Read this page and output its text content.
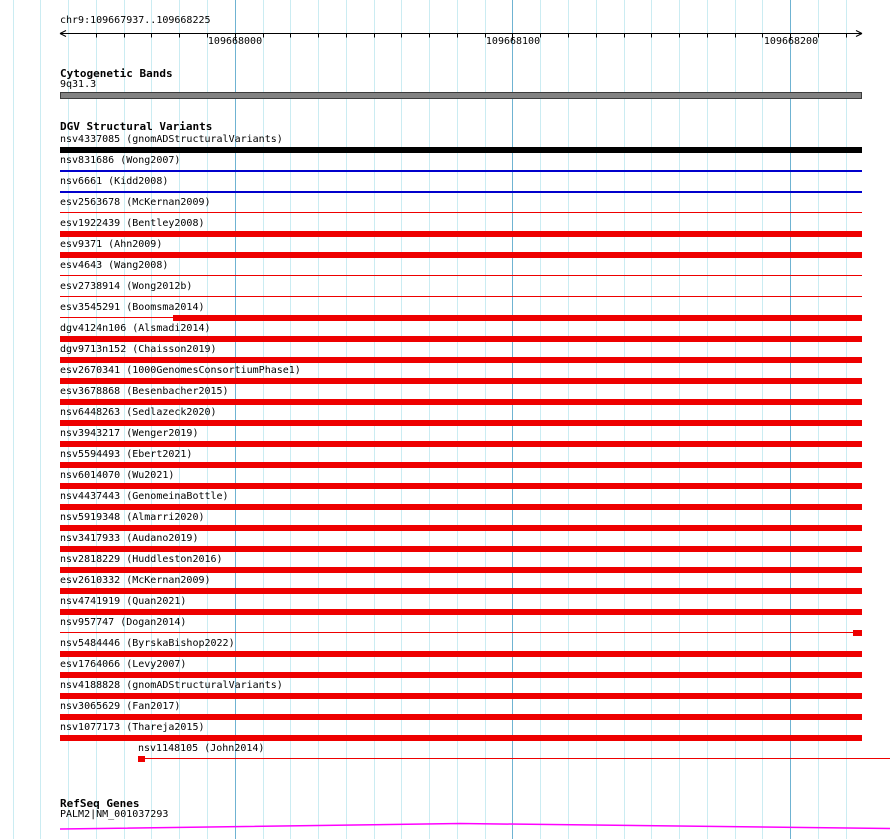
chr9:109667937..109668225
109668000	109668100	109668200
Cytogenetic Bands
9q31.3
DGV Structural Variants
nsv4337085 (gnomADStructuralVariants)
nsv831686 (Wong2007)
nsv6661 (Kidd2008)
esv2563678 (McKernan2009)
esv1922439 (Bentley2008)
esv9371 (Ahn2009)
esv4643 (Wang2008)
esv2738914 (Wong2012b)
esv3545291 (Boomsma2014)
dgv4124n106 (Alsmadi2014)
dgv9713n152 (Chaisson2019)
esv2670341 (1000GenomesConsortiumPhase1)
esv3678868 (Besenbacher2015)
nsv6448263 (Sedlazeck2020)
nsv3943217 (Wenger2019)
nsv5594493 (Ebert2021)
nsv6014070 (Wu2021)
nsv4437443 (GenomeinaBottle)
nsv5919348 (Almarri2020)
nsv3417933 (Audano2019)
nsv2818229 (Huddleston2016)
esv2610332 (McKernan2009)
nsv4741919 (Quan2021)
nsv957747 (Dogan2014)
nsv5484446 (ByrskaBishop2022)
esv1764066 (Levy2007)
nsv4188828 (gnomADStructuralVariants)
nsv3065629 (Fan2017)
nsv1077173 (Thareja2015)
nsv1148105 (John2014)
RefSeq Genes
PALM2|NM_001037293
